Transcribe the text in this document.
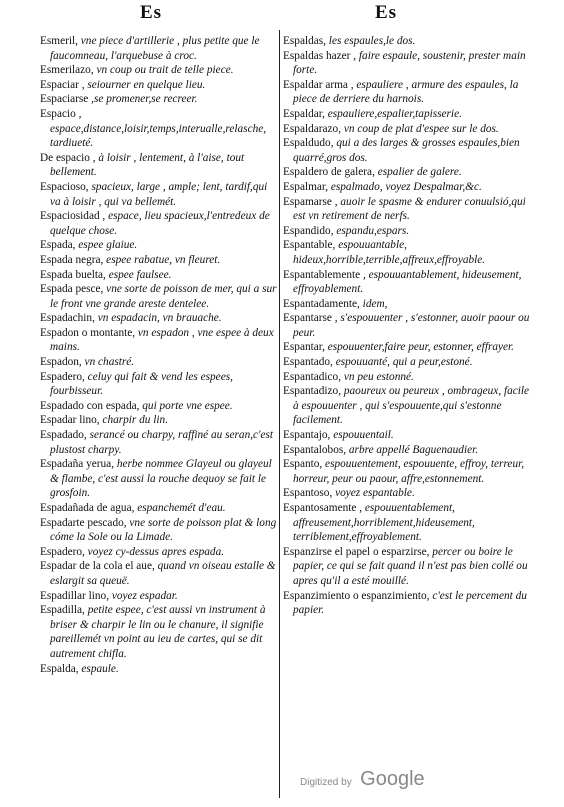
Es	Es
Esmeril, vne piece d'artillerie , plus petite que le faucomneau, l'arquebuse à croc.
Esmerilazo, vn coup ou trait de telle piece.
Espaciar , seiourner en quelque lieu.
Espaciarse ,se promener,se recreer.
Espacio , espace,distance,loisir,temps,interualle,relasche, tardiueté.
De espacio , à loisir , lentement, à l'aise, tout bellement.
Espacioso, spacieux, large , ample; lent, tardif,qui va à loisir , qui va bellemét.
Espaciosidad , espace, lieu spacieux,l'entredeux de quelque chose.
Espada, espee glaiue.
Espada negra, espee rabatue, vn fleuret.
Espada buelta, espee faulsee.
Espada pesce, vne sorte de poisson de mer, qui a sur le front vne grande areste dentelee.
Espadachin, vn espadacin, vn brauache.
Espadon o montante, vn espadon , vne espee à deux mains.
Espadon, vn chastré.
Espadero, celuy qui fait & vend les espees, fourbisseur.
Espadado con espada, qui porte vne espee.
Espadar lino, charpir du lin.
Espadado, serancé ou charpy, raffiné au seran,c'est plustost charpy.
Espadaña yerua, herbe nommee Glayeul ou glayeul & flambe, c'est aussi la rouche dequoy se fait le grosfoin.
Espadañada de agua, espanchemét d'eau.
Espadarte pescado, vne sorte de poisson plat & long cóme la Sole ou la Limade.
Espadero, voyez cy-dessus apres espada.
Espadar de la cola el aue, quand vn oiseau estalle & eslargit sa queuë.
Espadillar lino, voyez espadar.
Espadilla, petite espee, c'est aussi vn instrument à briser & charpir le lin ou le chanure, il signifie pareillemét vn point au ieu de cartes, qui se dit autrement chifla.
Espalda, espaule.
Espaldas, les espaules,le dos.
Espaldas hazer , faire espaule, soustenir, prester main forte.
Espaldar arma , espauliere , armure des espaules, la piece de derriere du harnois.
Espaldar, espauliere,espalier,tapisserie.
Espaldarazo, vn coup de plat d'espee sur le dos.
Espaldudo, qui a des larges & grosses espaules,bien quarré,gros dos.
Espaldero de galera, espalier de galere.
Espalmar, espalmado, voyez Despalmar,&c.
Espamarse , auoir le spasme & endurer conuulsió,qui est vn retirement de nerfs.
Espandido, espandu,espars.
Espantable, espouuantable, hideux,horrible,terrible,affreux,effroyable.
Espantablemente , espouuantablement, hideusement, effroyablement.
Espantadamente, idem,
Espantarse , s'espouuenter , s'estonner, auoir paour ou peur.
Espantar, espouuenter,faire peur, estonner, effrayer.
Espantado, espouuanté, qui a peur,estoné.
Espantadico, vn peu estonné.
Espantadizo, paoureux ou peureux , ombrageux, facile à espouuenter , qui s'espouuente,qui s'estonne facilement.
Espantajo, espouuentail.
Espantalobos, arbre appellé Baguenaudier.
Espanto, espouuentement, espouuente, effroy, terreur, horreur, peur ou paour, affre,estonnement.
Espantoso, voyez espantable.
Espantosamente , espouuentablement, affreusement,horriblement,hideusement, terriblement,effroyablement.
Espanzirse el papel o esparzirse, percer ou boire le papier, ce qui se fait quand il n'est pas bien collé ou apres qu'il a esté mouillé.
Espanzimiento o espanzimiento, c'est le percement du papier.
Digitized by Google
